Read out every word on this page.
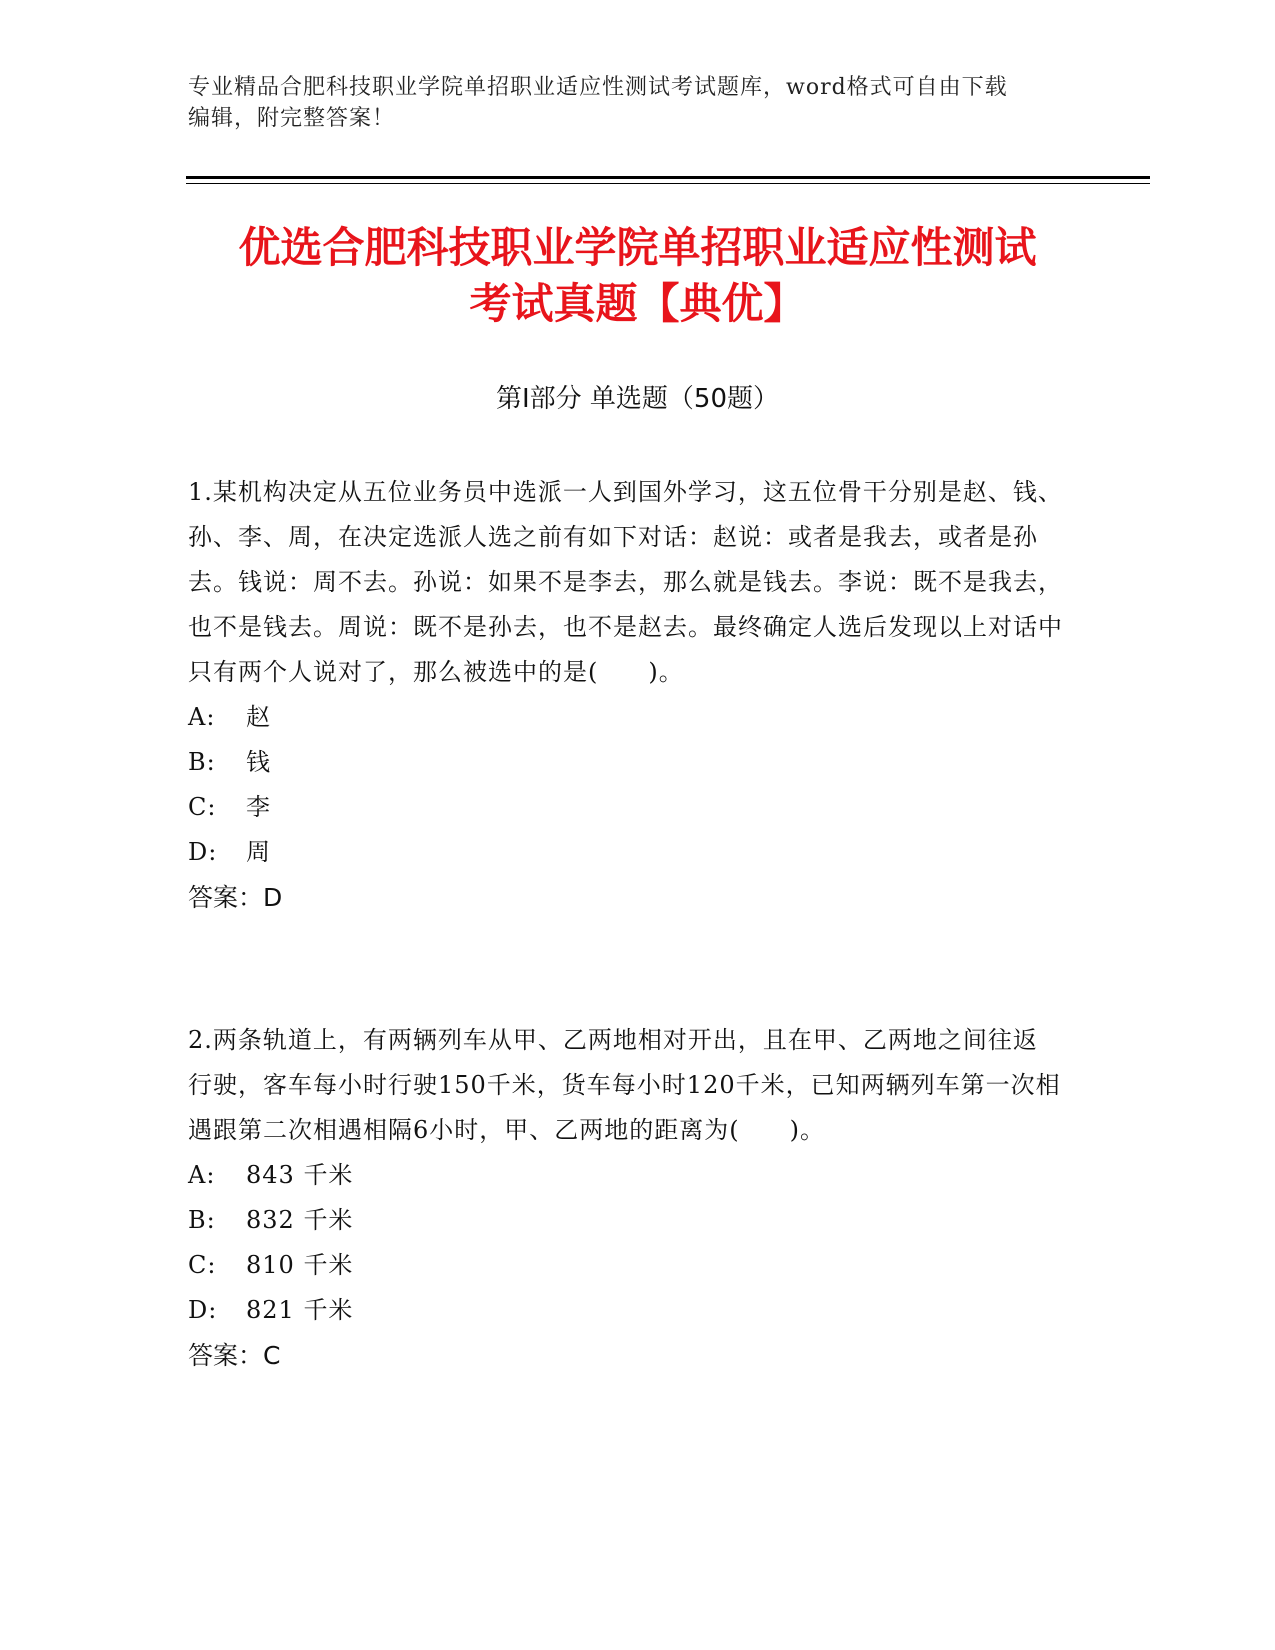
专业精品合肥科技职业学院单招职业适应性测试考试题库，word格式可自由下载
编辑，附完整答案！
优选合肥科技职业学院单招职业适应性测试
考试真题【典优】
第Ⅰ部分 单选题（50题）

1.某机构决定从五位业务员中选派一人到国外学习，这五位骨干分别是赵、钱、孙、李、周，在决定选派人选之前有如下对话：赵说：或者是我去，或者是孙去。钱说：周不去。孙说：如果不是李去，那么就是钱去。李说：既不是我去，也不是钱去。周说：既不是孙去，也不是赵去。最终确定人选后发现以上对话中只有两个人说对了，那么被选中的是(　　)。

A:	赵
B:	钱
C:	李
D:	周
答案：D

2.两条轨道上，有两辆列车从甲、乙两地相对开出，且在甲、乙两地之间往返 行驶，客车每小时行驶150千米，货车每小时120千米，已知两辆列车第一次相遇跟第二次相遇相隔6小时，甲、乙两地的距离为(　　)。

A:	843 千米
B:	832 千米
C:	810 千米
D:	821 千米
答案：C
